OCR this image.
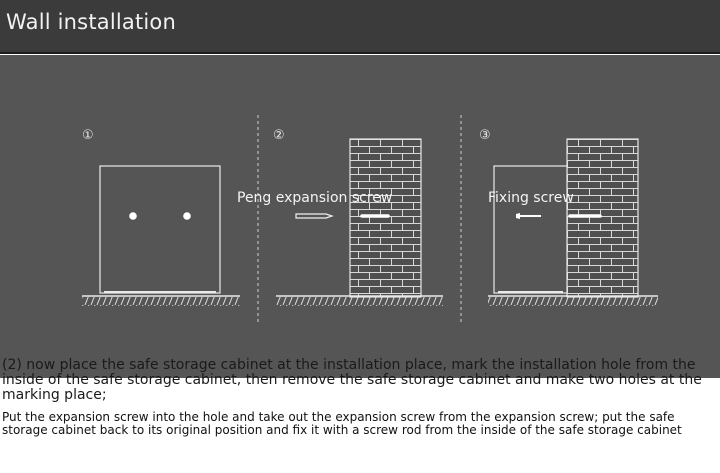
Wall installation
①	②
Peng expansion screw
③
Fixing screw
(2) now place the safe storage cabinet at the installation place, mark the installation hole from the inside of the safe storage cabinet, then remove the safe storage cabinet and make two holes at the marking place;
Put the expansion screw into the hole and take out the expansion screw from the expansion screw; put the safe storage cabinet back to its original position and fix it with a screw rod from the inside of the safe storage cabinet
